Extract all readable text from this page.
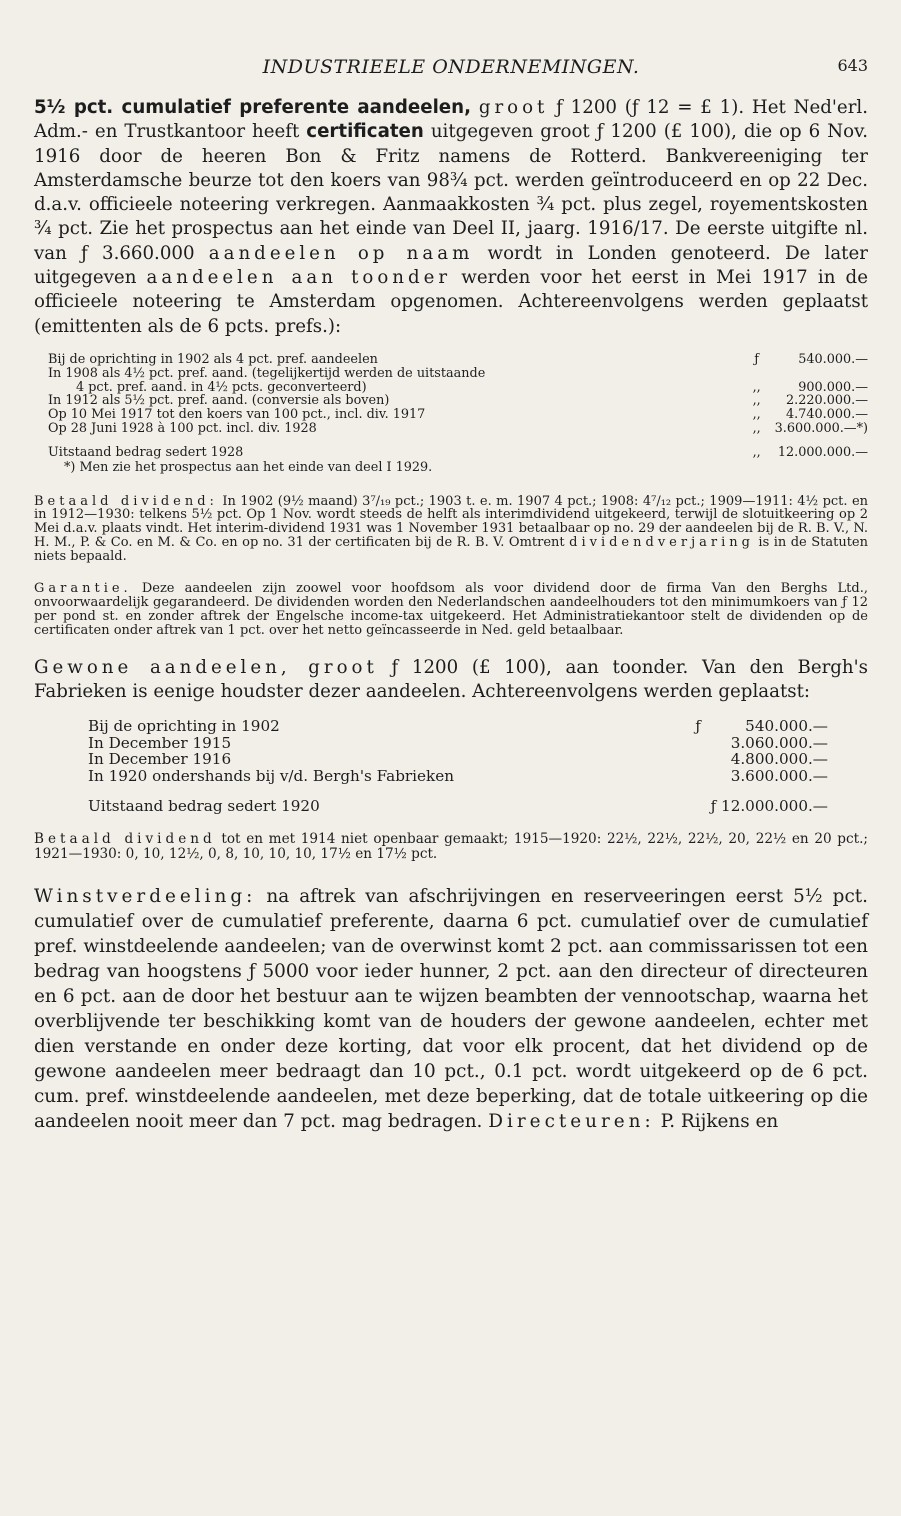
INDUSTRIEELE ONDERNEMINGEN.	643

5½ pct. cumulatief preferente aandeelen, groot ƒ 1200 (ƒ 12 = £ 1). Het Ned'erl. Adm.- en Trustkantoor heeft certificaten uitgegeven groot ƒ 1200 (£ 100), die op 6 Nov. 1916 door de heeren Bon & Fritz namens de Rotterd. Bankvereeniging ter Amsterdamsche beurze tot den koers van 98¾ pct. werden geïntroduceerd en op 22 Dec. d.a.v. officieele noteering verkregen. Aanmaakkosten ¾ pct. plus zegel, royementskosten ¾ pct. Zie het prospectus aan het einde van Deel II, jaarg. 1916/17. De eerste uitgifte nl. van ƒ 3.660.000 aandeelen op naam wordt in Londen genoteerd. De later uitgegeven aandeelen aan toonder werden voor het eerst in Mei 1917 in de officieele noteering te Amsterdam opgenomen. Achtereenvolgens werden geplaatst (emittenten als de 6 pcts. prefs.):

Bij de oprichting in 1902 als 4 pct. pref. aandeelen	ƒ	540.000.—
In 1908 als 4½ pct. pref. aand. (tegelijkertijd werden de uitstaande		
4 pct. pref. aand. in 4½ pcts. geconverteerd)	,,	900.000.—
In 1912 als 5½ pct. pref. aand. (conversie als boven)	,,	2.220.000.—
Op 10 Mei 1917 tot den koers van 100 pct., incl. div. 1917	,,	4.740.000.—
Op 28 Juni 1928 à 100 pct. incl. div. 1928	,,	3.600.000.—*)
Uitstaand bedrag sedert 1928	,,	12.000.000.—
*) Men zie het prospectus aan het einde van deel I 1929.

Betaald dividend: In 1902 (9½ maand) 3⁷/₁₉ pct.; 1903 t. e. m. 1907 4 pct.; 1908: 4⁷/₁₂ pct.; 1909—1911: 4½ pct. en in 1912—1930: telkens 5½ pct. Op 1 Nov. wordt steeds de helft als interimdividend uitgekeerd, terwijl de slotuitkeering op 2 Mei d.a.v. plaats vindt. Het interim-dividend 1931 was 1 November 1931 betaalbaar op no. 29 der aandeelen bij de R. B. V., N. H. M., P. & Co. en M. & Co. en op no. 31 der certificaten bij de R. B. V. Omtrent dividendverjaring is in de Statuten niets bepaald.

Garantie. Deze aandeelen zijn zoowel voor hoofdsom als voor dividend door de firma Van den Berghs Ltd., onvoorwaardelijk gegarandeerd. De dividenden worden den Nederlandschen aandeelhouders tot den minimumkoers van ƒ 12 per pond st. en zonder aftrek der Engelsche income-tax uitgekeerd. Het Administratiekantoor stelt de dividenden op de certificaten onder aftrek van 1 pct. over het netto geïncasseerde in Ned. geld betaalbaar.

Gewone aandeelen, groot ƒ 1200 (£ 100), aan toonder. Van den Bergh's Fabrieken is eenige houdster dezer aandeelen. Achtereenvolgens werden geplaatst:

Bij de oprichting in 1902	ƒ	540.000.—
In December 1915		3.060.000.—
In December 1916		4.800.000.—
In 1920 ondershands bij v/d. Bergh's Fabrieken		3.600.000.—
Uitstaand bedrag sedert 1920		ƒ 12.000.000.—

Betaald dividend tot en met 1914 niet openbaar gemaakt; 1915—1920: 22½, 22½, 22½, 20, 22½ en 20 pct.; 1921—1930: 0, 10, 12½, 0, 8, 10, 10, 10, 17½ en 17½ pct.

Winstverdeeling: na aftrek van afschrijvingen en reserveeringen eerst 5½ pct. cumulatief over de cumulatief preferente, daarna 6 pct. cumulatief over de cumulatief pref. winstdeelende aandeelen; van de overwinst komt 2 pct. aan commissarissen tot een bedrag van hoogstens ƒ 5000 voor ieder hunner, 2 pct. aan den directeur of directeuren en 6 pct. aan de door het bestuur aan te wijzen beambten der vennootschap, waarna het overblijvende ter beschikking komt van de houders der gewone aandeelen, echter met dien verstande en onder deze korting, dat voor elk procent, dat het dividend op de gewone aandeelen meer bedraagt dan 10 pct., 0.1 pct. wordt uitgekeerd op de 6 pct. cum. pref. winstdeelende aandeelen, met deze beperking, dat de totale uitkeering op die aandeelen nooit meer dan 7 pct. mag bedragen. Directeuren: P. Rijkens en
